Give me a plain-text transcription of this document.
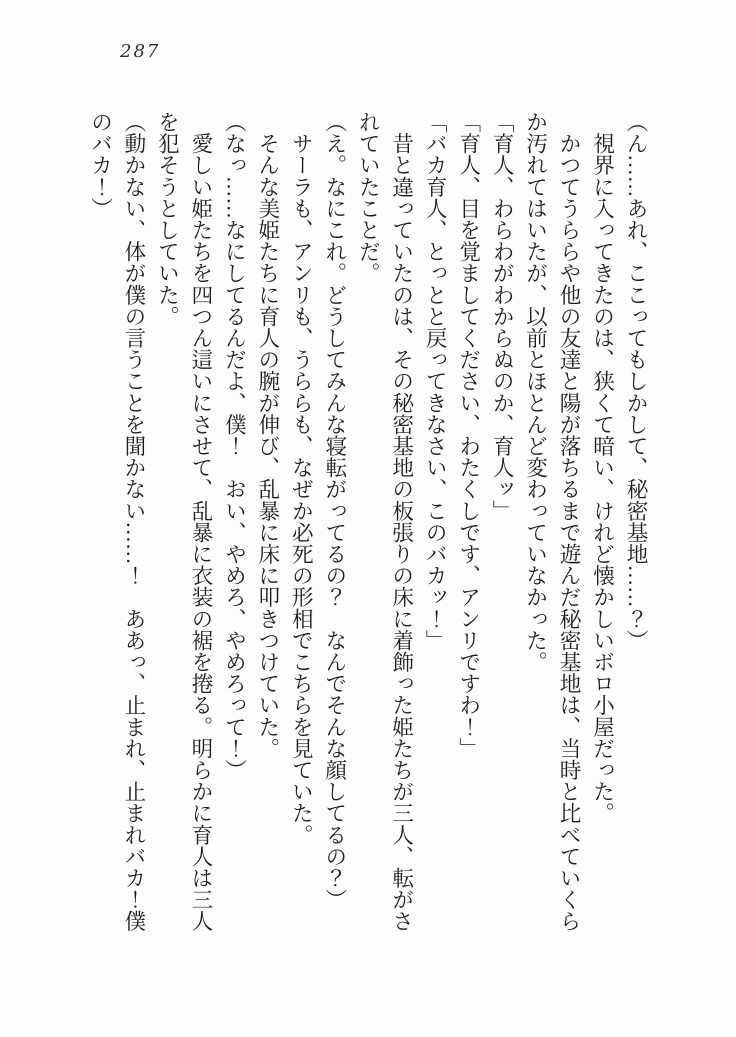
287

（ん……あれ、ここってもしかして、秘密基地……？）

　視界に入ってきたのは、狭くて暗い、けれど懐かしいボロ小屋だった。

　かつてうららや他の友達と陽が落ちるまで遊んだ秘密基地は、当時と比べていくらか汚れてはいたが、以前とほとんど変わっていなかった。

「育人、わらわがわからぬのか、育人ッ」

「育人、目を覚ましてください、わたくしです、アンリですわ！」

「バカ育人、とっとと戻ってきなさい、このバカッ！」

　昔と違っていたのは、その秘密基地の板張りの床に着飾った姫たちが三人、転がされていたことだ。

（え。なにこれ。どうしてみんな寝転がってるの？　なんでそんな顔してるの？）

　サーラも、アンリも、うららも、なぜか必死の形相でこちらを見ていた。

　そんな美姫たちに育人の腕が伸び、乱暴に床に叩きつけていた。

（なっ……なにしてるんだよ、僕！　おい、やめろ、やめろって！）

　愛しい姫たちを四つん這いにさせて、乱暴に衣装の裾を捲る。明らかに育人は三人を犯そうとしていた。

（動かない、体が僕の言うことを聞かない……！　ああっ、止まれ、止まれバカ！僕のバカ！）
